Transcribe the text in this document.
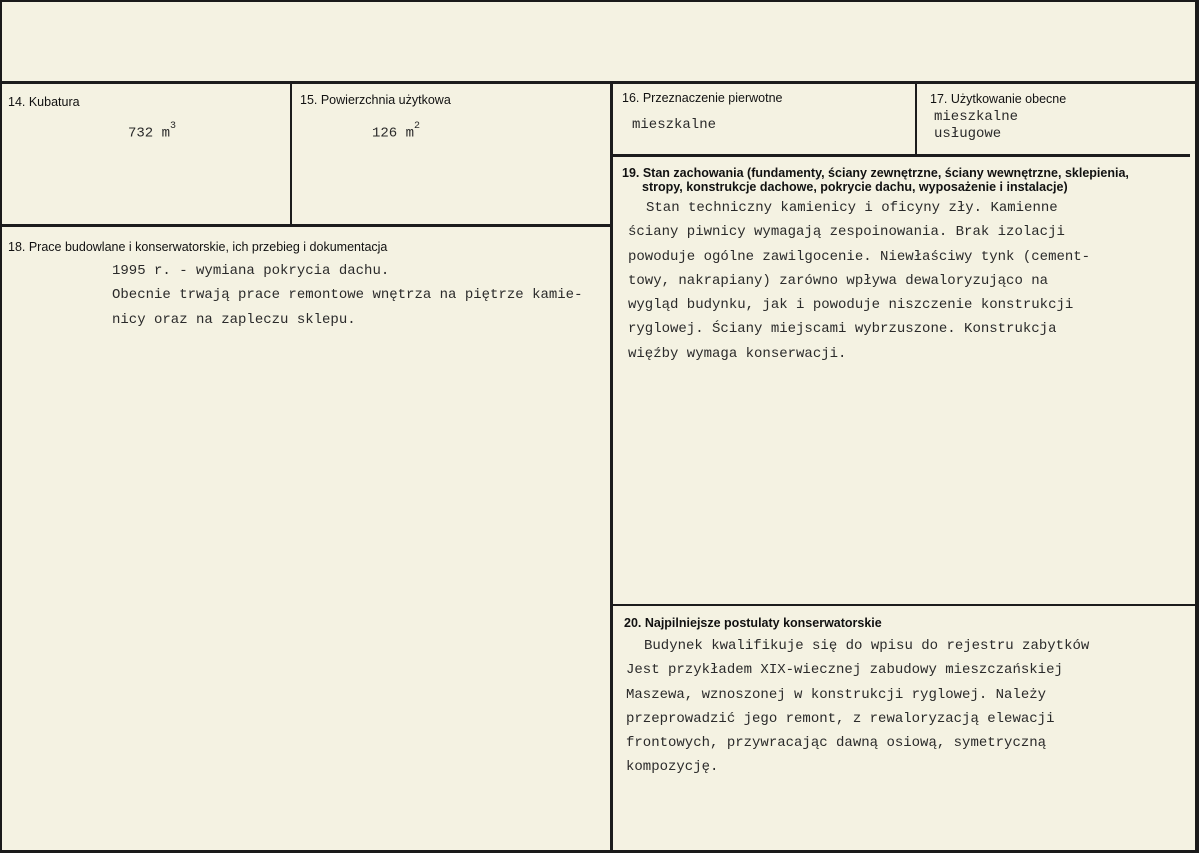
14. Kubatura
732 $m^3$
15. Powierzchnia użytkowa
126 $m^2$
16. Przeznaczenie pierwotne
mieszkalne
17. Użytkowanie obecne
mieszkalne
usługowe
18. Prace budowlane i konserwatorskie, ich przebieg i dokumentacja
1995 r. - wymiana pokrycia dachu.
Obecnie trwają prace remontowe wnętrza na piętrze kamie-
nicy oraz na zapleczu sklepu.
19. Stan zachowania (fundamenty, ściany zewnętrzne, ściany wewnętrzne, sklepienia,
stropy, konstrukcje dachowe, pokrycie dachu, wyposażenie i instalacje)
Stan techniczny kamienicy i oficyny zły. Kamienne
ściany piwnicy wymagają zespoinowania. Brak izolacji
powoduje ogólne zawilgocenie. Niewłaściwy tynk (cement-
towy, nakrapiany) zarówno wpływa dewaloryzująco na
wygląd budynku, jak i powoduje niszczenie konstrukcji
ryglowej. Ściany miejscami wybrzuszone. Konstrukcja
więźby wymaga konserwacji.
20. Najpilniejsze postulaty konserwatorskie
Budynek kwalifikuje się do wpisu do rejestru zabytków
Jest przykładem XIX-wiecznej zabudowy mieszczańskiej
Maszewa, wznoszonej w konstrukcji ryglowej. Należy
przeprowadzić jego remont, z rewaloryzacją elewacji
frontowych, przywracając dawną osiową, symetryczną
kompozycję.
